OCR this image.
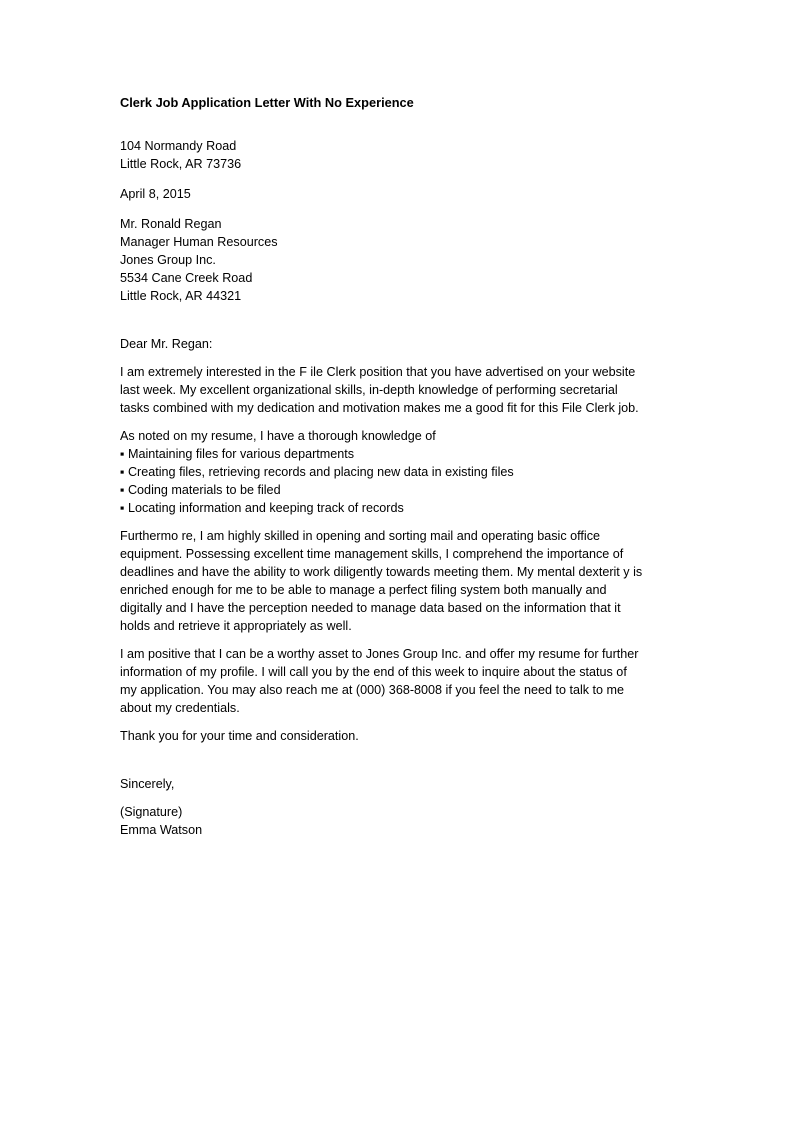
Clerk Job Application Letter With No Experience

104 Normandy Road
Little Rock, AR 73736
April 8, 2015
Mr. Ronald Regan
Manager Human Resources
Jones Group Inc.
5534 Cane Creek Road
Little Rock, AR 44321
Dear Mr. Regan:
I am extremely interested in the F ile Clerk position that you have advertised on your website
last week. My excellent organizational skills, in-depth knowledge of performing secretarial
tasks combined with my dedication and motivation makes me a good fit for this File Clerk job.
As noted on my resume, I have a thorough knowledge of
▪ Maintaining files for various departments
▪ Creating files, retrieving records and placing new data in existing files
▪ Coding materials to be filed
▪ Locating information and keeping track of records
Furthermo re, I am highly skilled in opening and sorting mail and operating basic office
equipment. Possessing excellent time management skills, I comprehend the importance of
deadlines and have the ability to work diligently towards meeting them. My mental dexterit y is
enriched enough for me to be able to manage a perfect filing system both manually and
digitally and I have the perception needed to manage data based on the information that it
holds and retrieve it appropriately as well.
I am positive that I can be a worthy asset to Jones Group Inc. and offer my resume for further
information of my profile. I will call you by the end of this week to inquire about the status of
my application. You may also reach me at (000) 368-8008 if you feel the need to talk to me
about my credentials.
Thank you for your time and consideration.
Sincerely,
(Signature)
Emma Watson
